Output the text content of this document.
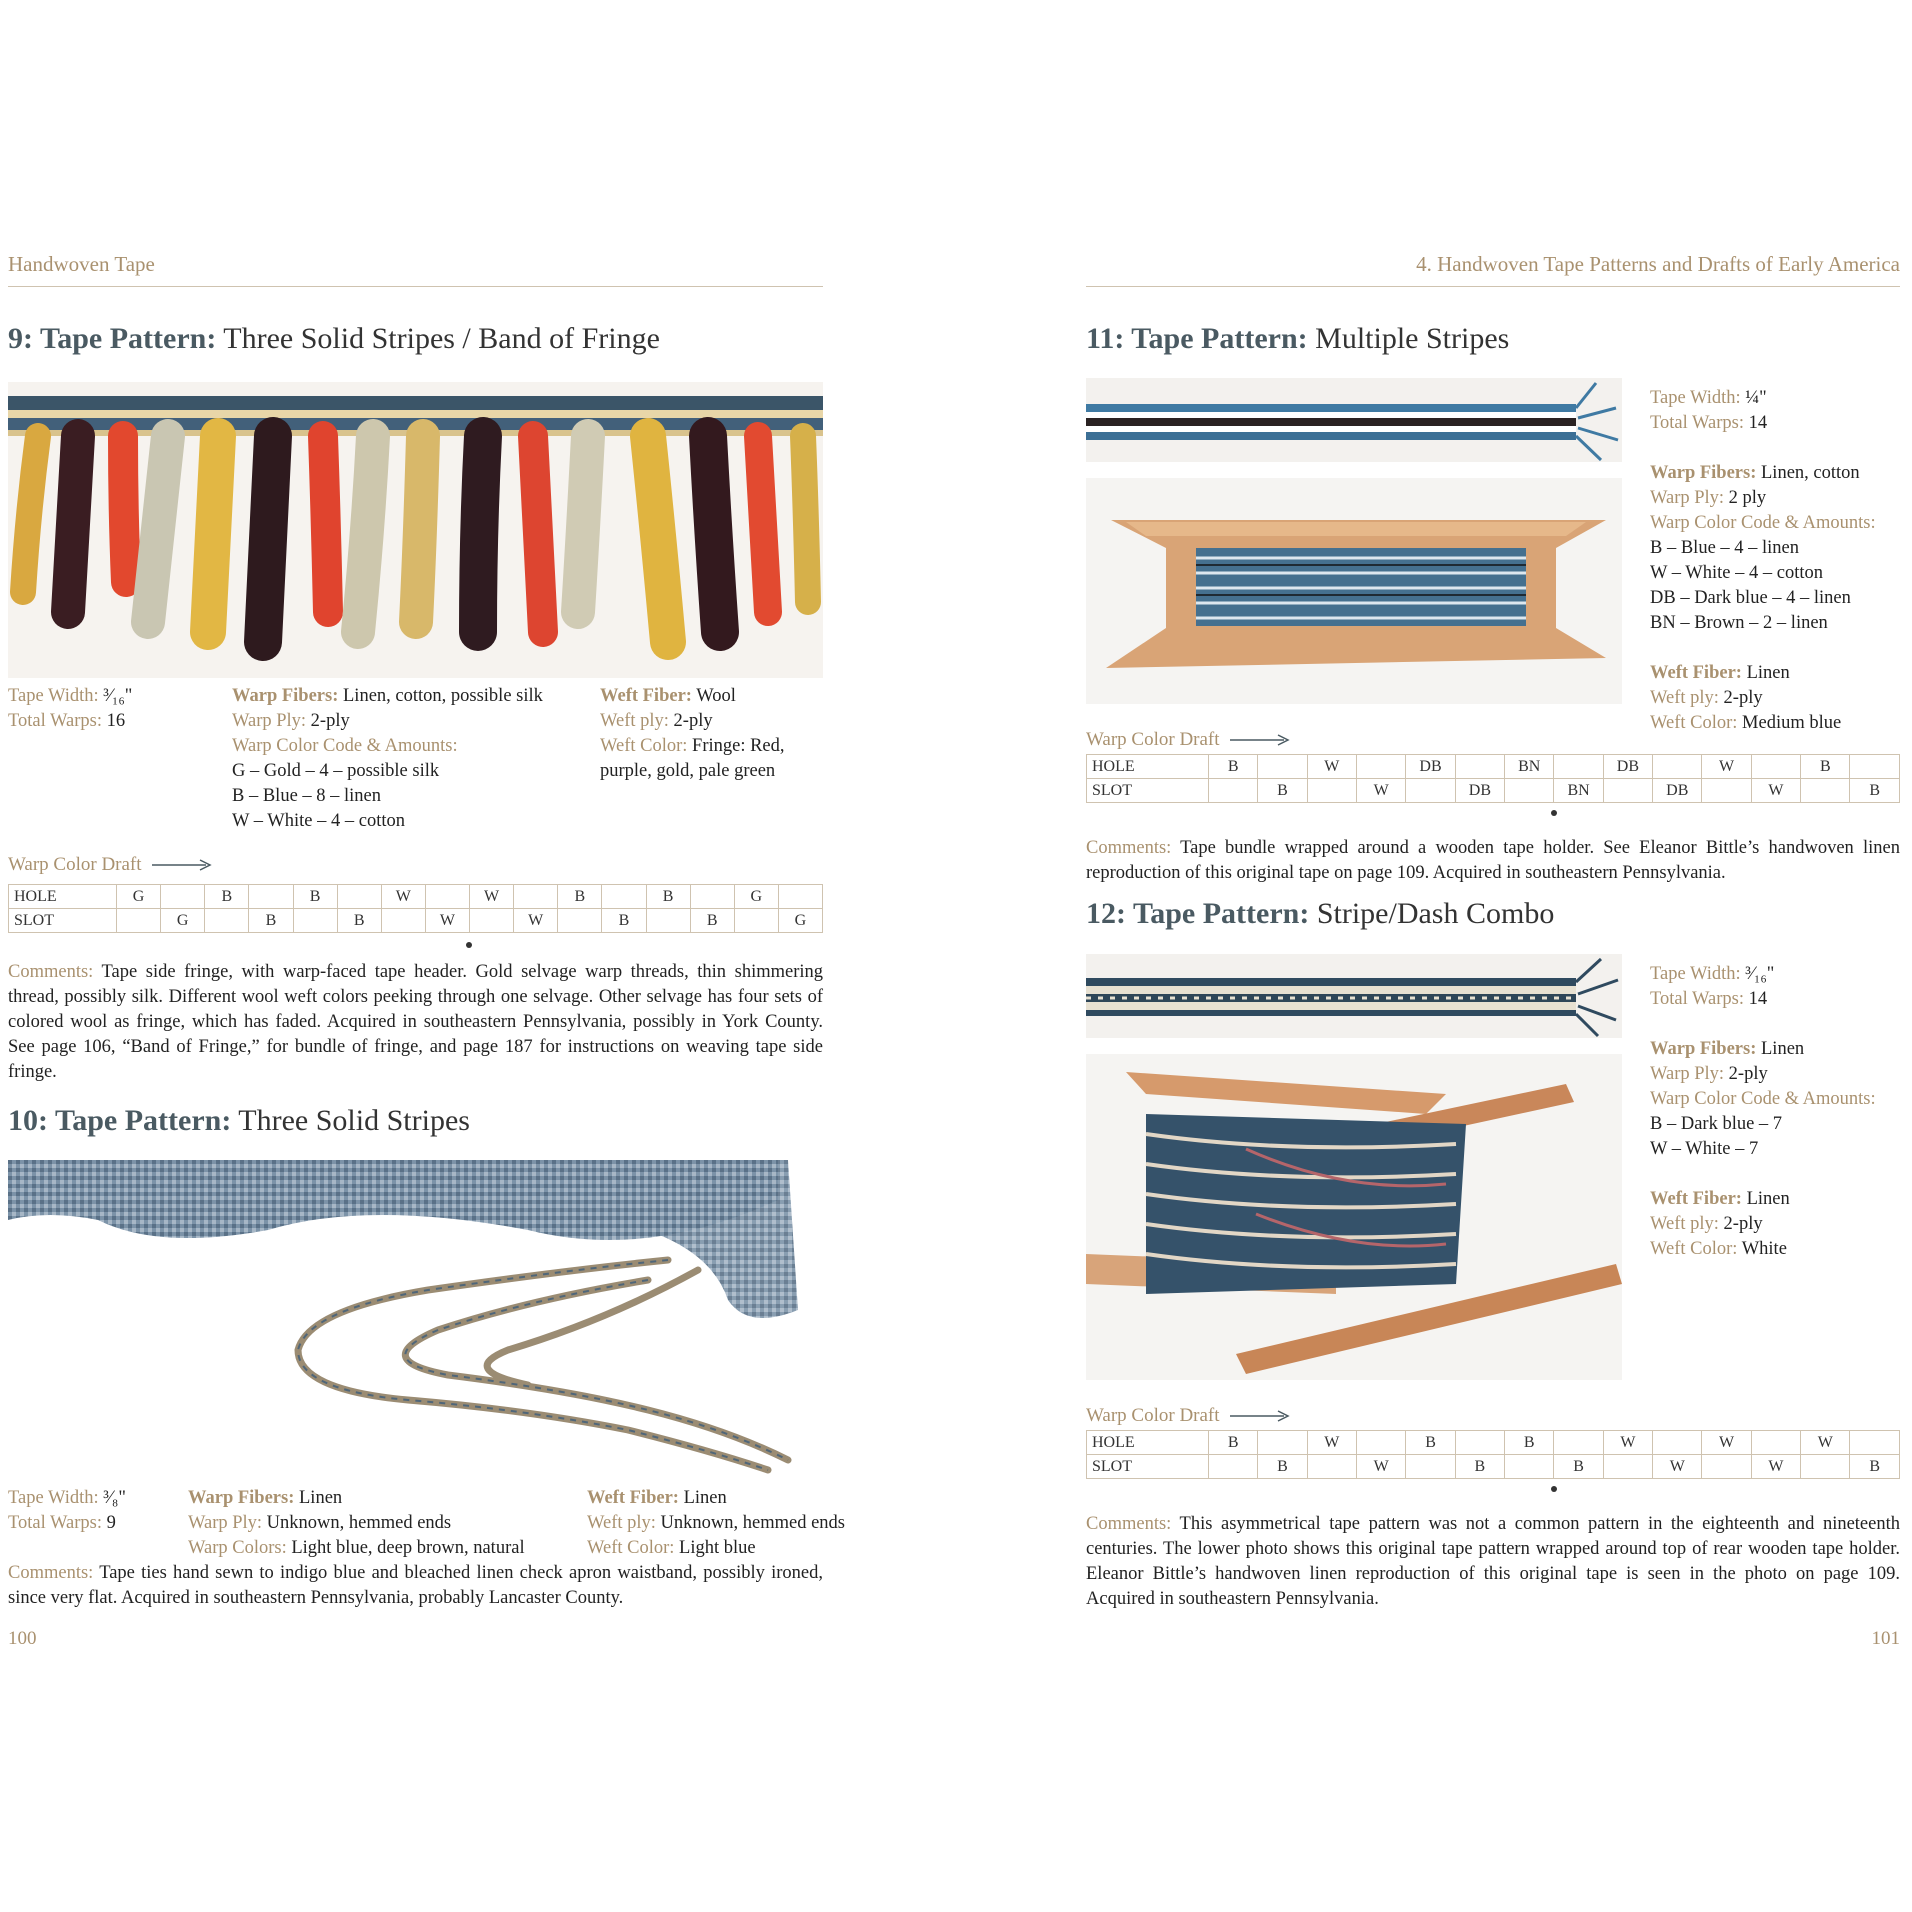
Handwoven Tape
9: Tape Pattern: Three Solid Stripes / Band of Fringe
Tape Width: ³⁄₁₆"
Total Warps: 16
Warp Fibers: Linen, cotton, possible silk
Warp Ply: 2-ply
Warp Color Code & Amounts:
G – Gold – 4 – possible silk
B – Blue – 8 – linen
W – White – 4 – cotton
Weft Fiber: Wool
Weft ply: 2-ply
Weft Color: Fringe: Red,
purple, gold, pale green
Warp Color Draft
HOLE	G		B		B		W		W		B		B		G	
SLOT		G		B		B		W		W		B		B		G
Comments: Tape side fringe, with warp-faced tape header. Gold selvage warp threads, thin shimmering thread, possibly silk. Different wool weft colors peeking through one selvage. Other selvage has four sets of colored wool as fringe, which has faded. Acquired in southeastern Pennsylvania, possibly in York County. See page 106, “Band of Fringe,” for bundle of fringe, and page 187 for instructions on weaving tape side fringe.
10: Tape Pattern: Three Solid Stripes
Tape Width: ³⁄₈"
Total Warps: 9
Warp Fibers: Linen
Warp Ply: Unknown, hemmed ends
Warp Colors: Light blue, deep brown, natural
Weft Fiber: Linen
Weft ply: Unknown, hemmed ends
Weft Color: Light blue
Comments: Tape ties hand sewn to indigo blue and bleached linen check apron waistband, possibly ironed, since very flat. Acquired in southeastern Pennsylvania, probably Lancaster County.
100
4. Handwoven Tape Patterns and Drafts of Early America
11: Tape Pattern: Multiple Stripes
Tape Width: ¼"
Total Warps: 14

Warp Fibers: Linen, cotton
Warp Ply: 2 ply
Warp Color Code & Amounts:
B – Blue – 4 – linen
W – White – 4 – cotton
DB – Dark blue – 4 – linen
BN – Brown – 2 – linen

Weft Fiber: Linen
Weft ply: 2-ply
Weft Color: Medium blue
Warp Color Draft
HOLE	B		W		DB		BN		DB		W		B	
SLOT		B		W		DB		BN		DB		W		B
Comments: Tape bundle wrapped around a wooden tape holder. See Eleanor Bittle’s handwoven linen reproduction of this original tape on page 109. Acquired in southeastern Pennsylvania.
12: Tape Pattern: Stripe/Dash Combo
Tape Width: ³⁄₁₆"
Total Warps: 14

Warp Fibers: Linen
Warp Ply: 2-ply
Warp Color Code & Amounts:
B – Dark blue – 7
W – White – 7

Weft Fiber: Linen
Weft ply: 2-ply
Weft Color: White
Warp Color Draft
HOLE	B		W		B		B		W		W		W	
SLOT		B		W		B		B		W		W		B
Comments: This asymmetrical tape pattern was not a common pattern in the eighteenth and nineteenth centuries. The lower photo shows this original tape pattern wrapped around top of rear wooden tape holder. Eleanor Bittle’s handwoven linen reproduction of this original tape is seen in the photo on page 109. Acquired in southeastern Pennsylvania.
101
